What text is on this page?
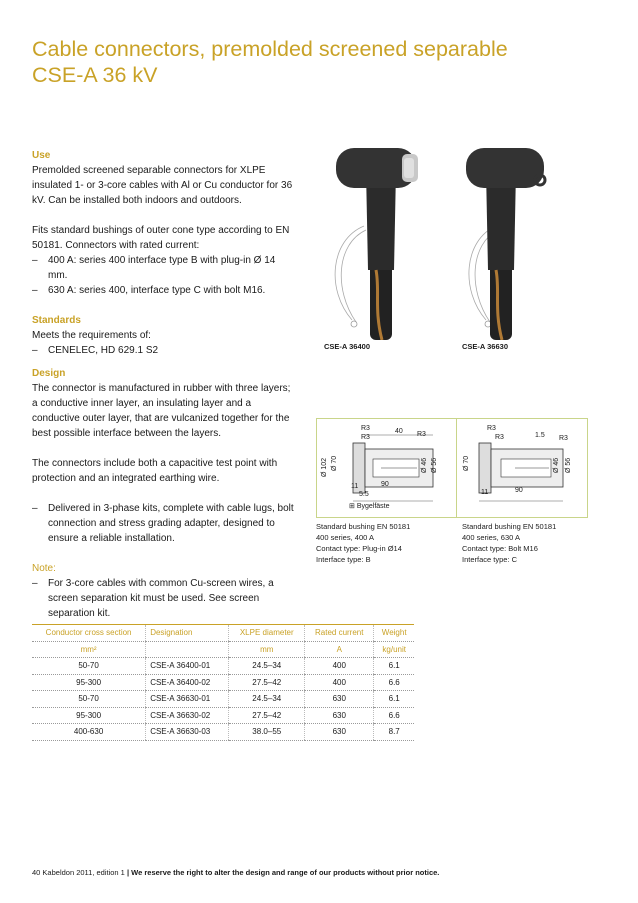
Cable connectors, premolded screened separable
CSE-A 36 kV
Use

Premolded screened separable connectors for XLPE insulated 1- or 3-core cables with Al or Cu conductor for 36 kV. Can be installed both indoors and outdoors.

Fits standard bushings of outer cone type according to EN 50181. Connectors with rated current:

– 400 A: series 400 interface type B with plug-in Ø 14 mm.

– 630 A: series 400, interface type C with bolt M16.

Standards

Meets the requirements of:

– CENELEC, HD 629.1 S2

Design

The connector is manufactured in rubber with three layers; a conductive inner layer, an insulating layer and a conductive outer layer, that are vulcanized together for the best possible interface between the layers.

The connectors include both a capacitive test point with protection and an integrated earthing wire.

– Delivered in 3-phase kits, complete with cable lugs, bolt connection and stress grading adapter, designed to ensure a reliable installation.

Note:

– For 3-core cables with common Cu-screen wires, a screen separation kit must be used. See screen separation kit.

CSE-A 36400	CSE-A 36630
R3
R3
40 R3
Ø 102 Ø 70	Ø 46 Ø 56
11	90
5.5
⊞ Bygelfäste
R3
R3	1.5 R3
Ø 70	Ø 46 Ø 56
11	90
Standard bushing EN 50181
400 series, 400 A
Contact type: Plug-in Ø14
Interface type: B
Standard bushing EN 50181
400 series, 630 A
Contact type: Bolt M16
Interface type: C
Conductor cross section	Designation	XLPE diameter	Rated current	Weight
mm²		mm	A	kg/unit
50-70	CSE-A 36400-01	24.5–34	400	6.1
95-300	CSE-A 36400-02	27.5–42	400	6.6
50-70	CSE-A 36630-01	24.5–34	630	6.1
95-300	CSE-A 36630-02	27.5–42	630	6.6
400-630	CSE-A 36630-03	38.0–55	630	8.7
40 Kabeldon 2011, edition 1 | We reserve the right to alter the design and range of our products without prior notice.
